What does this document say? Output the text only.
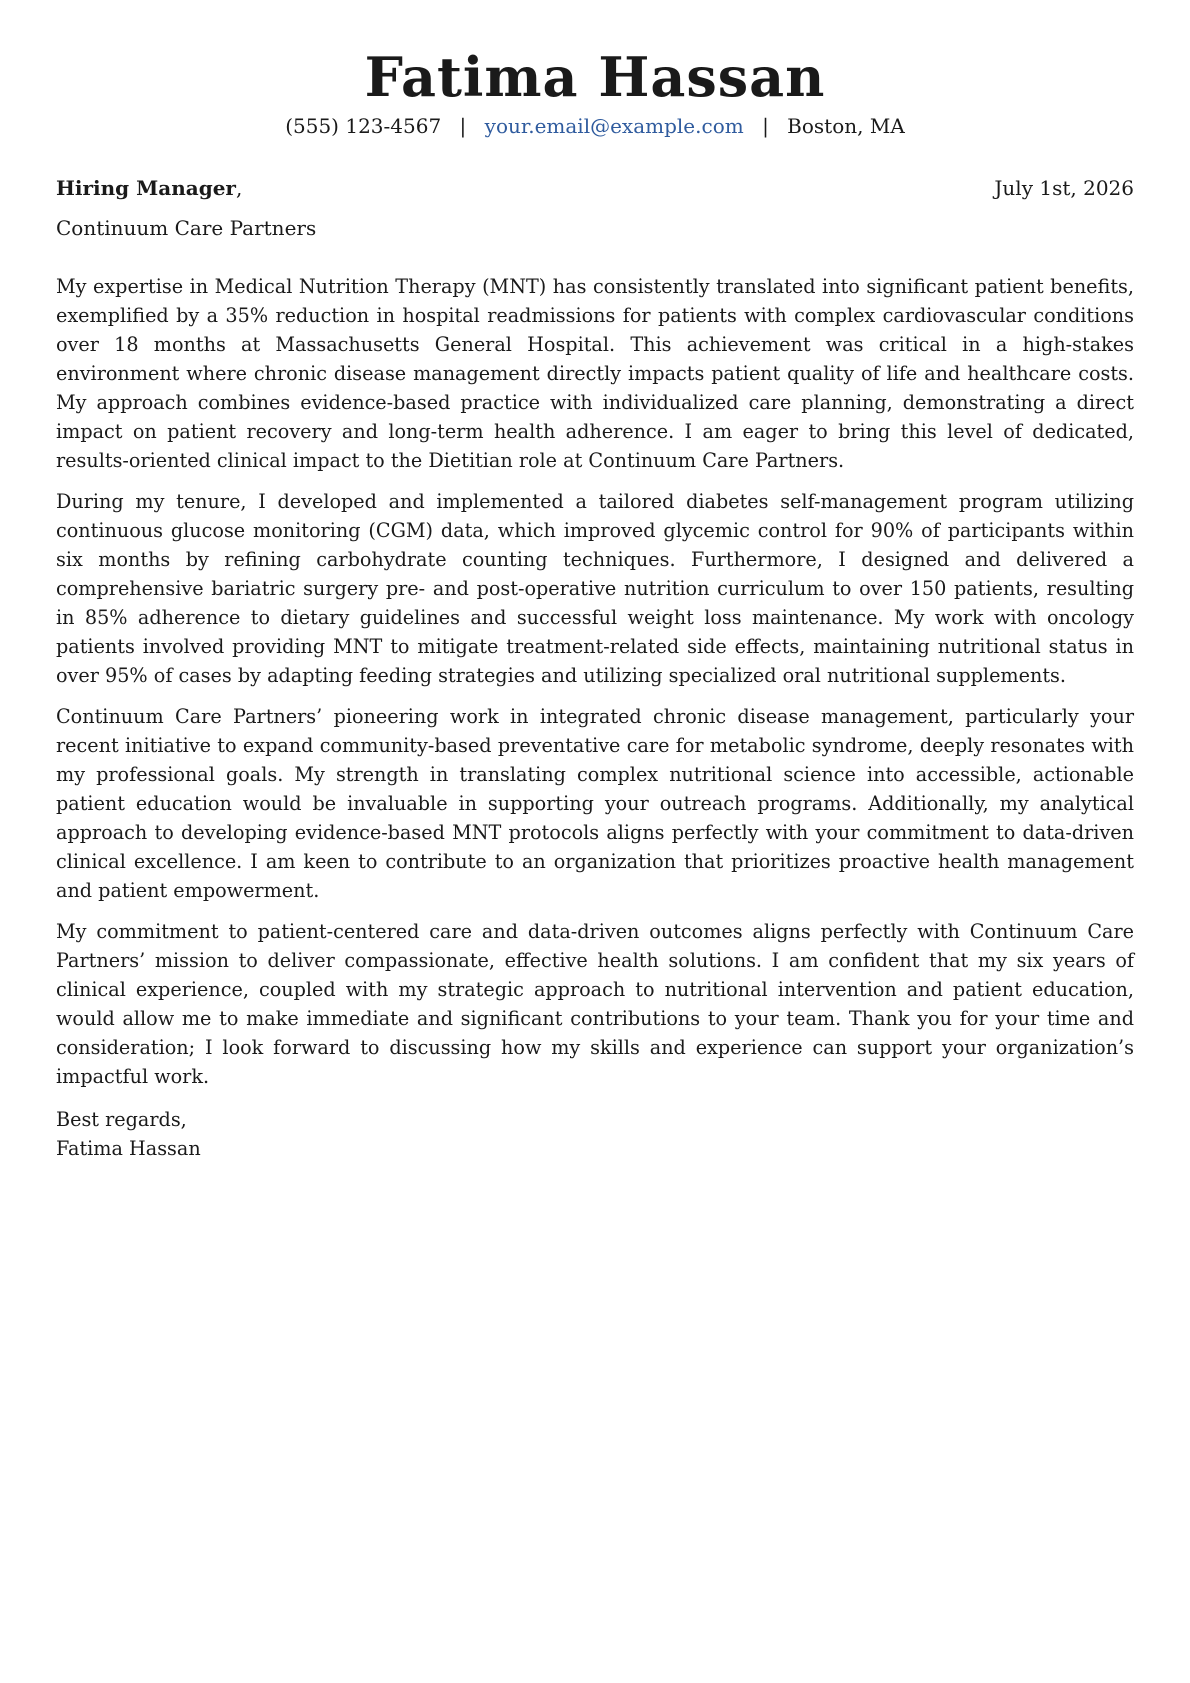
Fatima Hassan
(555) 123-4567 | your.email@example.com | Boston, MA
Hiring Manager,	July 1st, 2026
Continuum Care Partners

My expertise in Medical Nutrition Therapy (MNT) has consistently translated into significant patient benefits, exemplified by a 35% reduction in hospital readmissions for patients with complex cardiovascular conditions over 18 months at Massachusetts General Hospital. This achievement was critical in a high-stakes environment where chronic disease management directly impacts patient quality of life and healthcare costs. My approach combines evidence-based practice with individualized care planning, demonstrating a direct impact on patient recovery and long-term health adherence. I am eager to bring this level of dedicated, results-oriented clinical impact to the Dietitian role at Continuum Care Partners.

During my tenure, I developed and implemented a tailored diabetes self-management program utilizing continuous glucose monitoring (CGM) data, which improved glycemic control for 90% of participants within six months by refining carbohydrate counting techniques. Furthermore, I designed and delivered a comprehensive bariatric surgery pre- and post-operative nutrition curriculum to over 150 patients, resulting in 85% adherence to dietary guidelines and successful weight loss maintenance. My work with oncology patients involved providing MNT to mitigate treatment-related side effects, maintaining nutritional status in over 95% of cases by adapting feeding strategies and utilizing specialized oral nutritional supplements.

Continuum Care Partners’ pioneering work in integrated chronic disease management, particularly your recent initiative to expand community-based preventative care for metabolic syndrome, deeply resonates with my professional goals. My strength in translating complex nutritional science into accessible, actionable patient education would be invaluable in supporting your outreach programs. Additionally, my analytical approach to developing evidence-based MNT protocols aligns perfectly with your commitment to data-driven clinical excellence. I am keen to contribute to an organization that prioritizes proactive health management and patient empowerment.

My commitment to patient-centered care and data-driven outcomes aligns perfectly with Continuum Care Partners’ mission to deliver compassionate, effective health solutions. I am confident that my six years of clinical experience, coupled with my strategic approach to nutritional intervention and patient education, would allow me to make immediate and significant contributions to your team. Thank you for your time and consideration; I look forward to discussing how my skills and experience can support your organization’s impactful work.

Best regards,
Fatima Hassan
